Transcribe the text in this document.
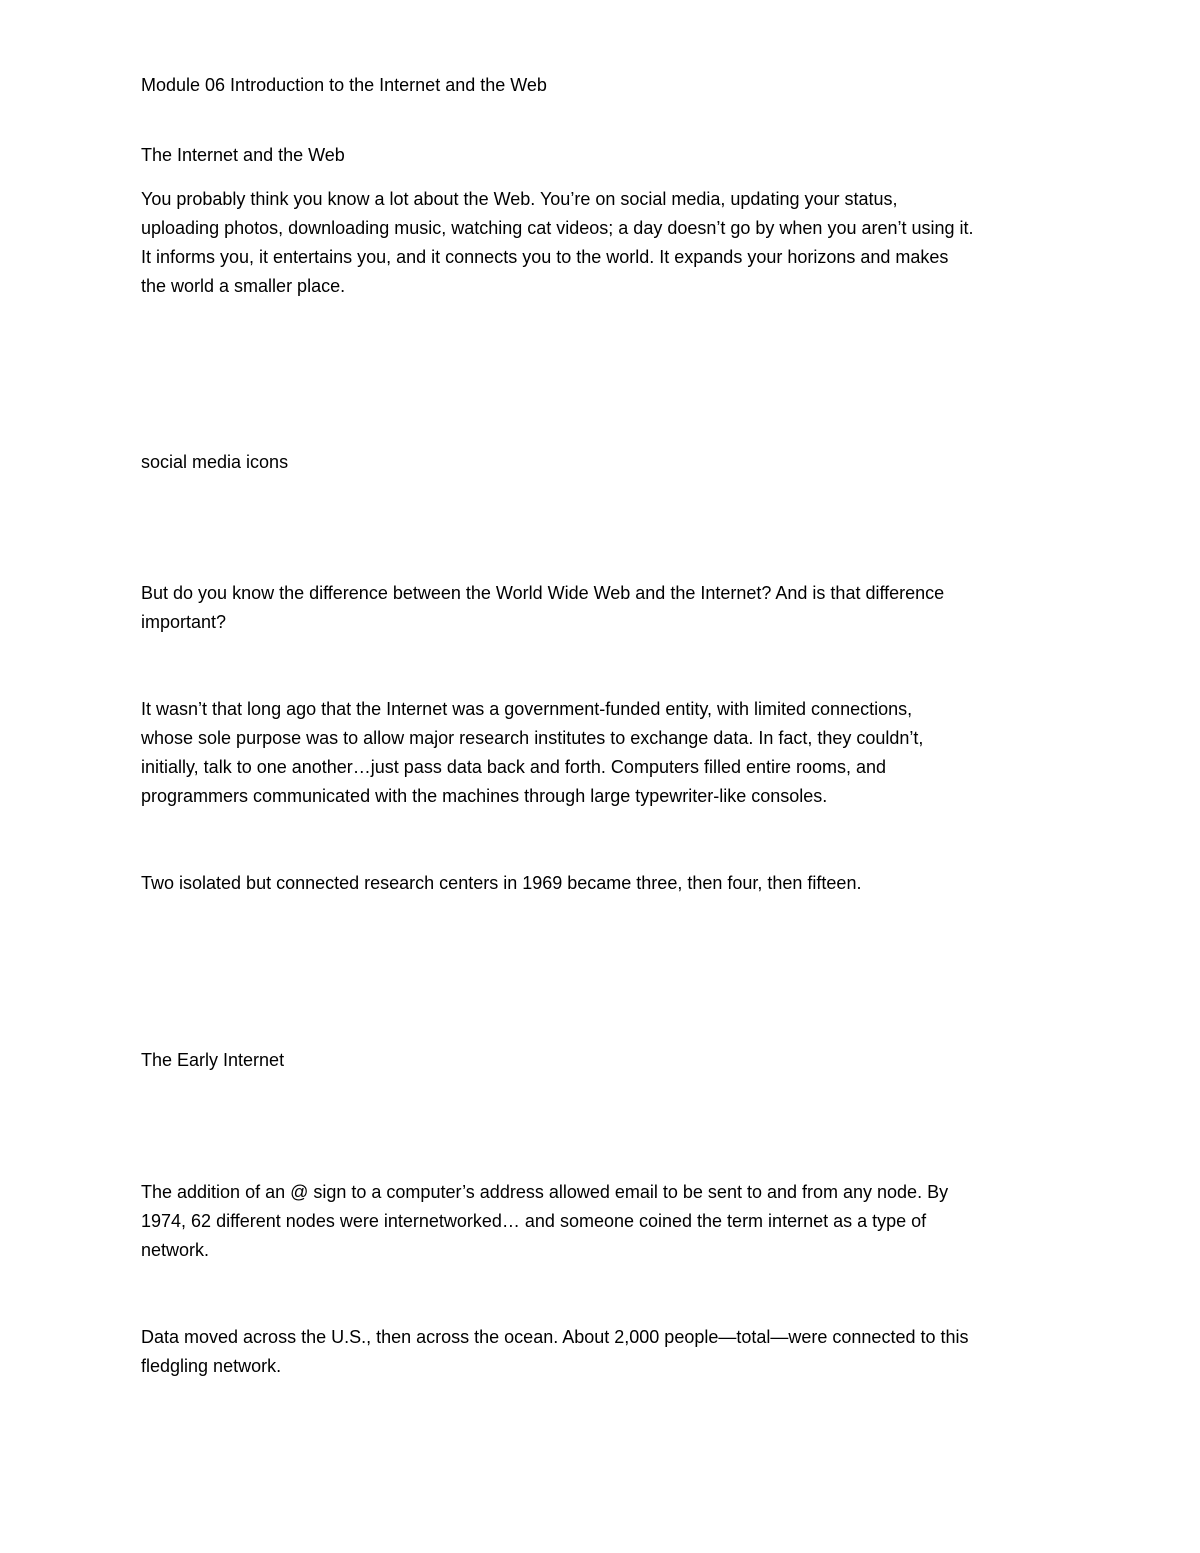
Module 06 Introduction to the Internet and the Web

The Internet and the Web

You probably think you know a lot about the Web. You’re on social media, updating your status,
uploading photos, downloading music, watching cat videos; a day doesn’t go by when you aren’t using it.
It informs you, it entertains you, and it connects you to the world. It expands your horizons and makes
the world a smaller place.

social media icons

But do you know the difference between the World Wide Web and the Internet? And is that difference
important?

It wasn’t that long ago that the Internet was a government-funded entity, with limited connections,
whose sole purpose was to allow major research institutes to exchange data. In fact, they couldn’t,
initially, talk to one another…just pass data back and forth. Computers filled entire rooms, and
programmers communicated with the machines through large typewriter-like consoles.

Two isolated but connected research centers in 1969 became three, then four, then fifteen.

The Early Internet

The addition of an @ sign to a computer’s address allowed email to be sent to and from any node. By
1974, 62 different nodes were internetworked… and someone coined the term internet as a type of
network.

Data moved across the U.S., then across the ocean. About 2,000 people—total—were connected to this
fledgling network.
